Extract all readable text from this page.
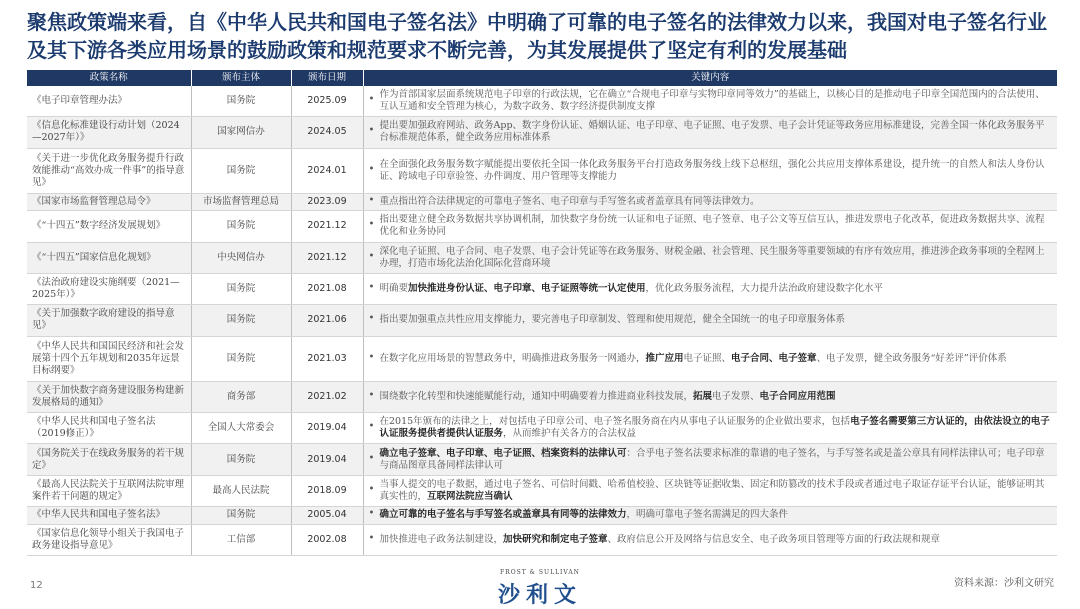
聚焦政策端来看，自《中华人民共和国电子签名法》中明确了可靠的电子签名的法律效力以来，我国对电子签名行业及其下游各类应用场景的鼓励政策和规范要求不断完善，为其发展提供了坚定有利的发展基础
政策名称	颁布主体	颁布日期	关键内容
《电子印章管理办法》	国务院	2025.09	• 作为首部国家层面系统规范电子印章的行政法规，它在确立“合规电子印章与实物印章同等效力”的基础上，以核心目的是推动电子印章全国范围内的合法使用、互认互通和安全管理为核心，为数字政务、数字经济提供制度支撑
《信息化标准建设行动计划（2024—2027年）》	国家网信办	2024.05	• 提出要加强政府网站、政务App、数字身份认证、婚姻认证、电子印章、电子证照、电子发票、电子会计凭证等政务应用标准建设，完善全国一体化政务服务平台标准规范体系，健全政务应用标准体系
《关于进一步优化政务服务提升行政效能推动“高效办成一件事”的指导意见》	国务院	2024.01	• 在全面强化政务服务数字赋能提出要依托全国一体化政务服务平台打造政务服务线上线下总枢纽，强化公共应用支撑体系建设，提升统一的自然人和法人身份认证、跨域电子印章验签、办件调度、用户管理等支撑能力
《国家市场监督管理总局令》	市场监督管理总局	2023.09	• 重点指出符合法律规定的可靠电子签名、电子印章与手写签名或者盖章具有同等法律效力。
《“十四五”数字经济发展规划》	国务院	2021.12	• 指出要建立健全政务数据共享协调机制，加快数字身份统一认证和电子证照、电子签章、电子公文等互信互认，推进发票电子化改革，促进政务数据共享、流程优化和业务协同
《“十四五”国家信息化规划》	中央网信办	2021.12	• 深化电子证照、电子合同、电子发票、电子会计凭证等在政务服务、财税金融、社会管理、民生服务等重要领域的有序有效应用，推进涉企政务事项的全程网上办理，打造市场化法治化国际化营商环境
《法治政府建设实施纲要（2021—2025年）》	国务院	2021.08	• 明确要加快推进身份认证、电子印章、电子证照等统一认定使用，优化政务服务流程，大力提升法治政府建设数字化水平
《关于加强数字政府建设的指导意见》	国务院	2021.06	• 指出要加强重点共性应用支撑能力，要完善电子印章制发、管理和使用规范，健全全国统一的电子印章服务体系
《中华人民共和国国民经济和社会发展第十四个五年规划和2035年远景目标纲要》	国务院	2021.03	• 在数字化应用场景的智慧政务中，明确推进政务服务一网通办，推广应用电子证照、电子合同、电子签章、电子发票，健全政务服务“好差评”评价体系
《关于加快数字商务建设服务构建新发展格局的通知》	商务部	2021.02	• 围绕数字化转型和快速能赋能行动，通知中明确要着力推进商业科技发展，拓展电子发票、电子合同应用范围
《中华人民共和国电子签名法（2019修正）》	全国人大常委会	2019.04	• 在2015年颁布的法律之上，对包括电子印章公司、电子签名服务商在内从事电子认证服务的企业做出要求，包括电子签名需要第三方认证的，由依法设立的电子认证服务提供者提供认证服务，从而维护有关各方的合法权益
《国务院关于在线政务服务的若干规定》	国务院	2019.04	• 确立电子签章、电子印章、电子证照、档案资料的法律认可：合乎电子签名法要求标准的靠谱的电子签名，与手写签名或是盖公章具有同样法律认可；电子印章与商品图章具备同样法律认可
《最高人民法院关于互联网法院审理案件若干问题的规定》	最高人民法院	2018.09	• 当事人提交的电子数据，通过电子签名、可信时间戳、哈希值校验、区块链等证据收集、固定和防篡改的技术手段或者通过电子取证存证平台认证，能够证明其真实性的，互联网法院应当确认
《中华人民共和国电子签名法》	国务院	2005.04	• 确立可靠的电子签名与手写签名或盖章具有同等的法律效力，明确可靠电子签名需满足的四大条件
《国家信息化领导小组关于我国电子政务建设指导意见》	工信部	2002.08	• 加快推进电子政务法制建设，加快研究和制定电子签章、政府信息公开及网络与信息安全、电子政务项目管理等方面的行政法规和规章

12

FROST & SULLIVAN

沙利文	资料来源：沙利文研究
